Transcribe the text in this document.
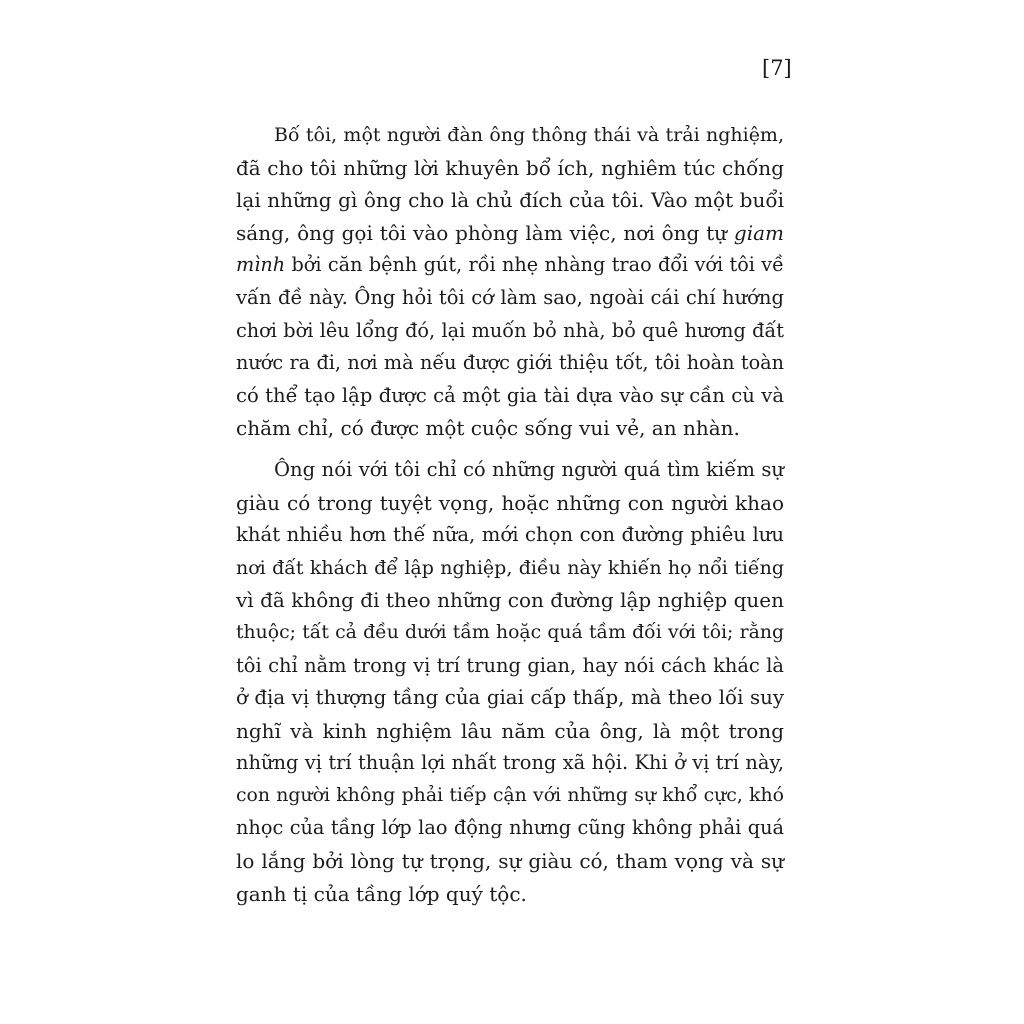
[7]

Bố tôi, một người đàn ông thông thái và trải nghiệm,
đã cho tôi những lời khuyên bổ ích, nghiêm túc chống
lại những gì ông cho là chủ đích của tôi. Vào một buổi
sáng, ông gọi tôi vào phòng làm việc, nơi ông tự giam
mình bởi căn bệnh gút, rồi nhẹ nhàng trao đổi với tôi về
vấn đề này. Ông hỏi tôi cớ làm sao, ngoài cái chí hướng
chơi bời lêu lổng đó, lại muốn bỏ nhà, bỏ quê hương đất
nước ra đi, nơi mà nếu được giới thiệu tốt, tôi hoàn toàn
có thể tạo lập được cả một gia tài dựa vào sự cần cù và
chăm chỉ, có được một cuộc sống vui vẻ, an nhàn.

Ông nói với tôi chỉ có những người quá tìm kiếm sự
giàu có trong tuyệt vọng, hoặc những con người khao
khát nhiều hơn thế nữa, mới chọn con đường phiêu lưu
nơi đất khách để lập nghiệp, điều này khiến họ nổi tiếng
vì đã không đi theo những con đường lập nghiệp quen
thuộc; tất cả đều dưới tầm hoặc quá tầm đối với tôi; rằng
tôi chỉ nằm trong vị trí trung gian, hay nói cách khác là
ở địa vị thượng tầng của giai cấp thấp, mà theo lối suy
nghĩ và kinh nghiệm lâu năm của ông, là một trong
những vị trí thuận lợi nhất trong xã hội. Khi ở vị trí này,
con người không phải tiếp cận với những sự khổ cực, khó
nhọc của tầng lớp lao động nhưng cũng không phải quá
lo lắng bởi lòng tự trọng, sự giàu có, tham vọng và sự
ganh tị của tầng lớp quý tộc.
